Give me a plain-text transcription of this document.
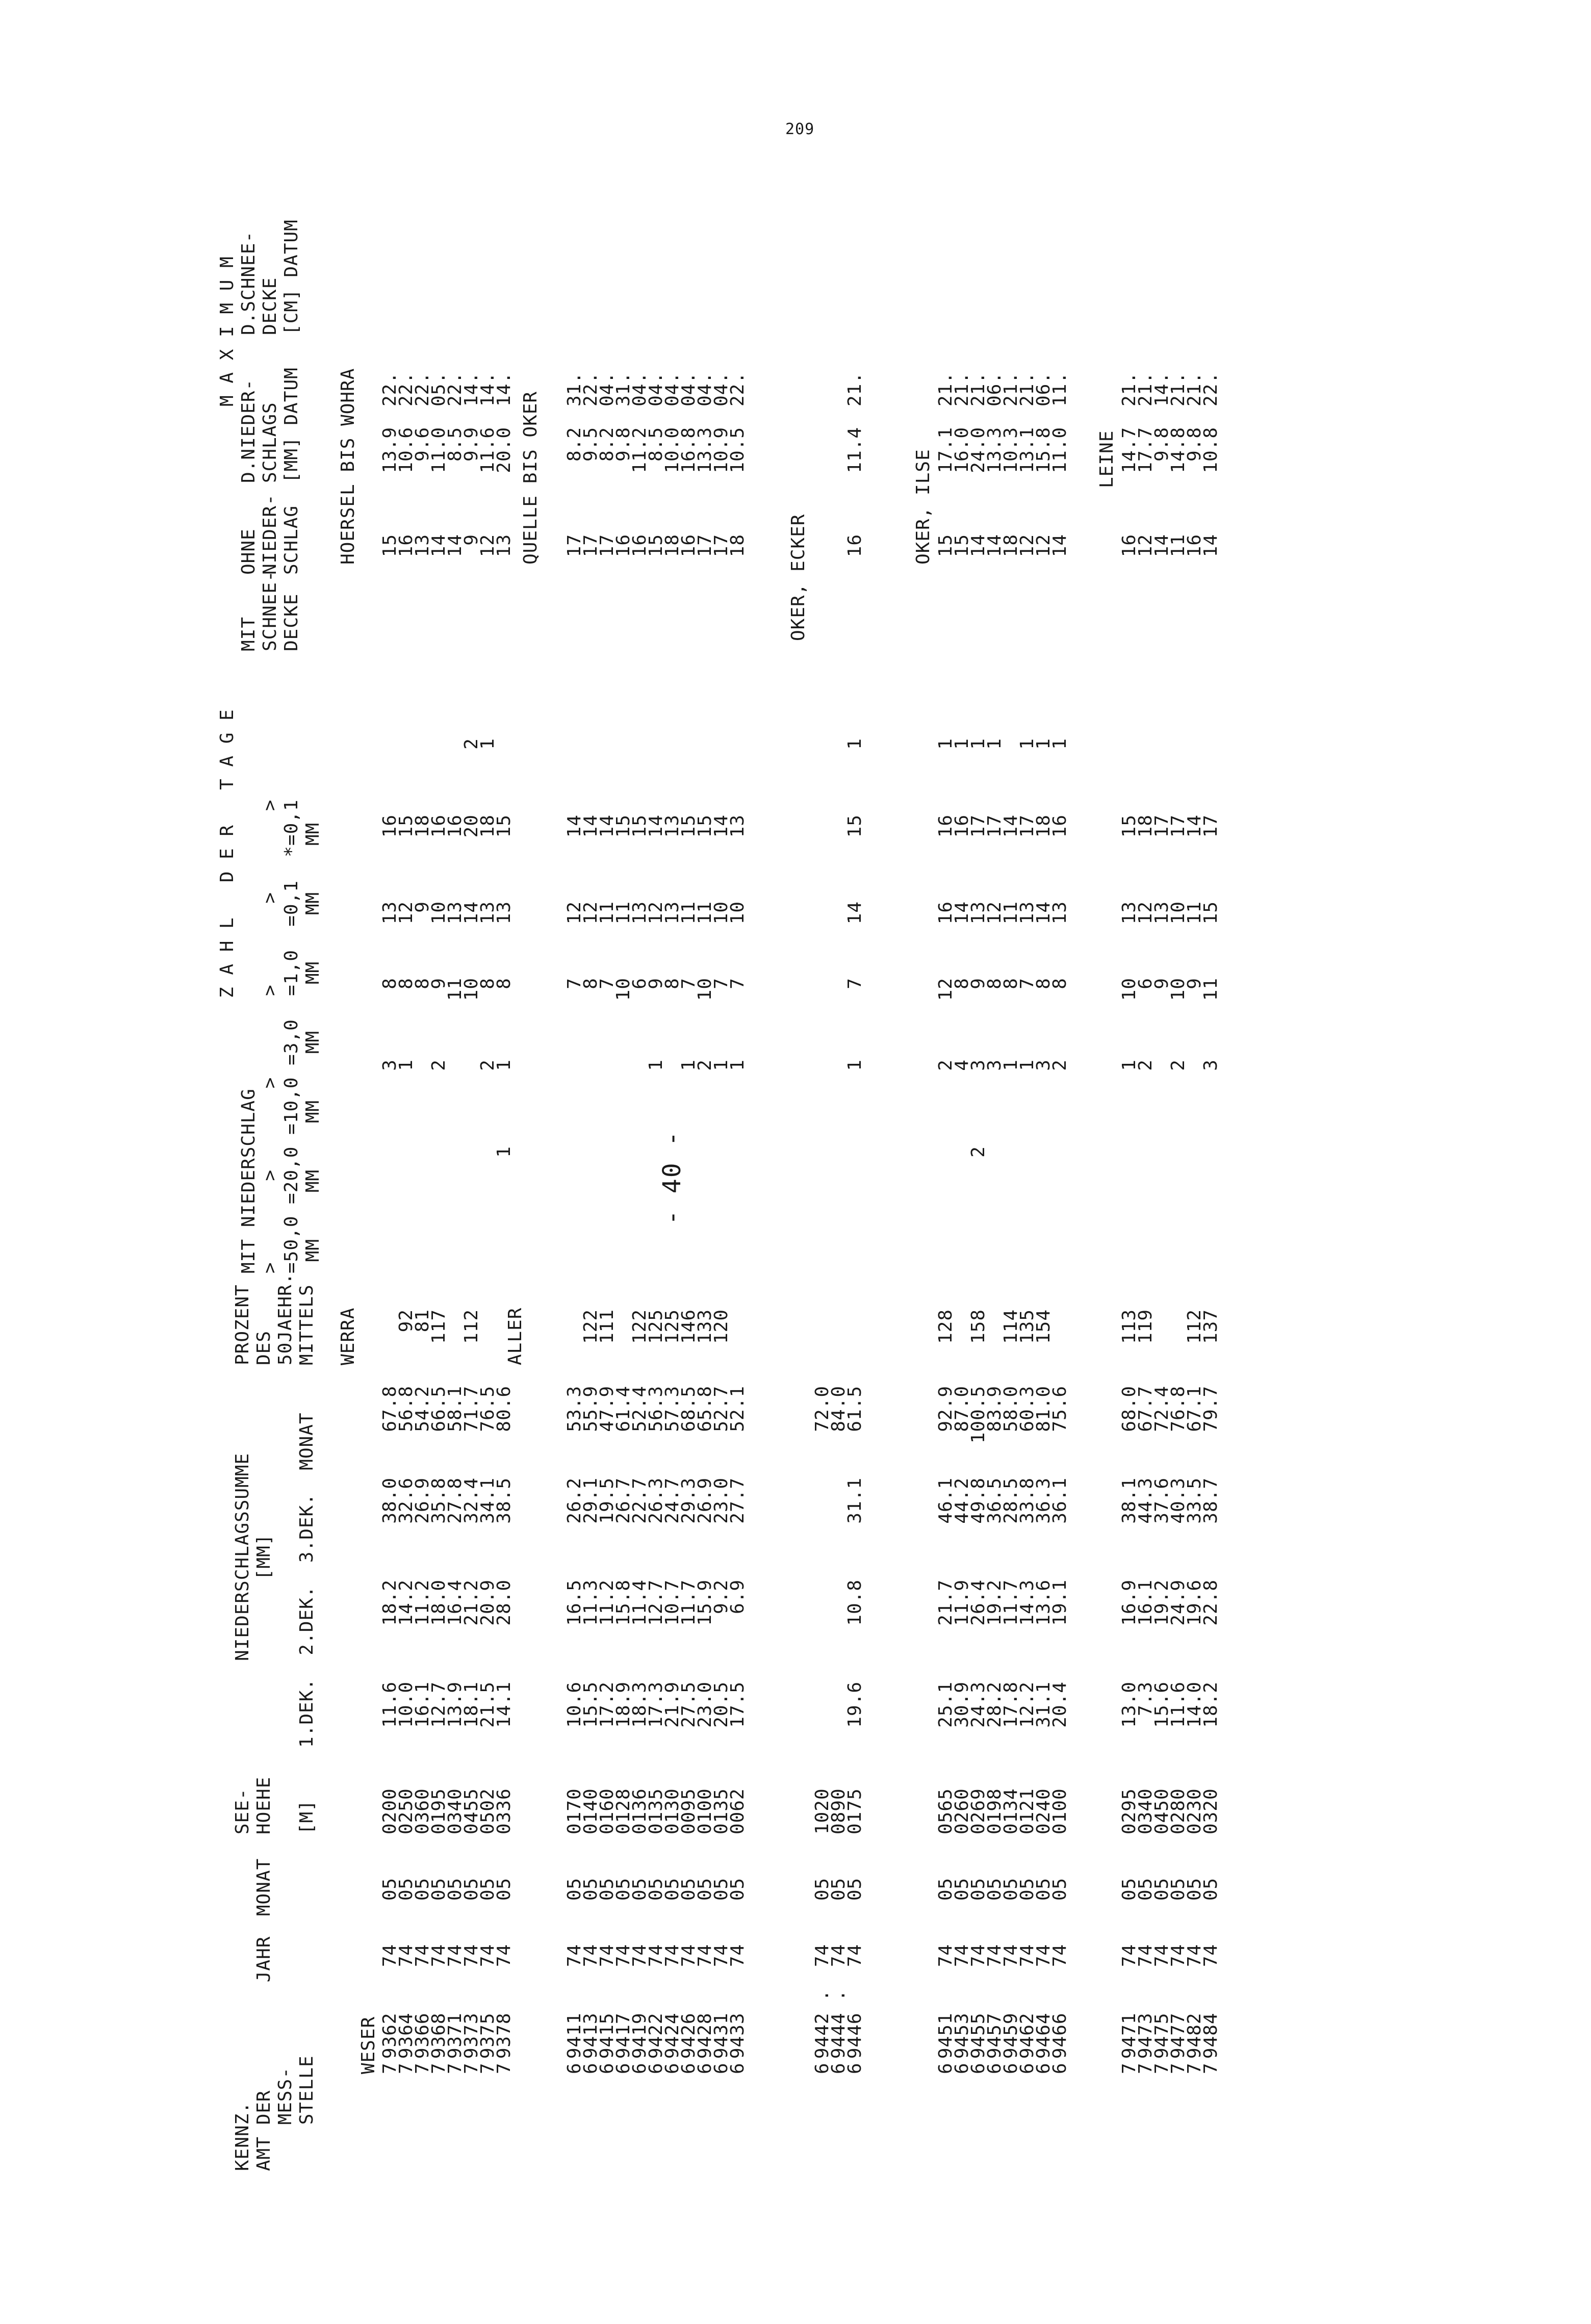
209
- 40 -
KENNZ.
AMT DER
MESS-
STELLE
JAHR
MONAT
SEE-
HOEHE

[M]
NIEDERSCHLAGSSUMME
[MM] 1.DEK.  2.DEK.  3.DEK.  MONAT
PROZENT
DES
50JAEHR.
MITTELS
Z A H L   D E R   T A G E
MIT NIEDERSCHLAG >       >       >       >       >       >
=50,0 =20,0 =10,0 =3,0  =1,0  =0,1  *=0,1
MM    MM    MM    MM    MM    MM    MM
MIT
SCHNEE-
DECKE
OHNE
NIEDER-
SCHLAG
M A X I M U M
D.NIEDER-
SCHLAGS
[MM] DATUM
D.SCHNEE-
DECKE
[CM] DATUM
WESER
WERRA
HOERSEL BIS WOHRA
7
9362
74
05
0200
11.6
18.2
38.0
67.8
3
8
13
16
15
13.9
22.
7
9364
74
05
0250
10.0
14.2
32.6
56.8
92
1
8
12
15
16
10.6
22.
7
9366
74
05
0360
16.1
11.2
26.9
54.2
81
8
9
18
13
9.6
22.
7
9368
74
05
0195
12.7
18.0
35.8
66.5
117
2
9
10
16
14
11.0
05.
7
9371
74
05
0340
13.9
16.4
27.8
58.1
11
13
16
14
8.5
22.
7
9373
74
05
0455
18.1
21.2
32.4
71.7
112
10
14
20
2
9
9.9
14.
7
9375
74
05
0502
21.5
20.9
34.1
76.5
2
8
13
18
1
12
11.6
14.
7
9378
74
05
0336
14.1
28.0
38.5
80.6
1
1
8
13
15
13
20.0
14.
ALLER
QUELLE BIS OKER
6
9411
74
05
0170
10.6
16.5
26.2
53.3
7
12
14
17
8.2
31.
6
9413
74
05
0140
15.5
11.3
29.1
55.9
122
8
12
14
17
9.5
22.
6
9415
74
05
0160
17.2
11.2
19.5
47.9
111
7
11
14
17
8.2
04.
6
9417
74
05
0128
18.9
15.8
26.7
61.4
10
11
15
16
9.8
31.
6
9419
74
05
0136
18.3
11.4
22.7
52.4
122
6
13
15
16
11.2
04.
6
9422
74
05
0135
17.3
12.7
26.3
56.3
125
1
9
12
14
15
8.5
04.
6
9424
74
05
0130
21.9
10.7
24.7
57.3
125
8
13
13
18
10.0
04.
6
9426
74
05
0095
27.5
11.7
29.3
68.5
146
1
7
11
15
16
16.8
04.
6
9428
74
05
0100
23.0
15.9
26.9
65.8
133
2
10
11
15
17
13.3
04.
6
9431
74
05
0135
20.5
9.2
23.0
52.7
120
1
7
10
14
17
10.9
04.
6
9433
74
05
0062
17.5
6.9
27.7
52.1
1
7
10
13
18
10.5
22.
OKER, ECKER
6
9442 .
74
05
1020
72.0
6
9444 .
74
05
0890
84.0
6
9446
74
05
0175
19.6
10.8
31.1
61.5
1
7
14
15
1
16
11.4
21.
OKER, ILSE
6
9451
74
05
0565
25.1
21.7
46.1
92.9
128
2
12
16
16
1
15
17.1
21.
6
9453
74
05
0260
30.9
11.9
44.2
87.0
4
8
14
16
1
15
16.0
21.
6
9455
74
05
0269
24.3
26.4
49.8
100.5
158
2
3
9
13
17
1
14
24.0
21.
6
9457
74
05
0198
28.2
19.2
36.5
83.9
3
8
12
17
1
14
13.3
06.
6
9459
74
05
0134
17.8
11.7
28.5
58.0
114
1
8
11
14
18
10.3
21.
6
9462
74
05
0121
12.2
14.3
33.8
60.3
135
1
7
13
17
1
12
13.1
21.
6
9464
74
05
0240
31.1
13.6
36.3
81.0
154
3
8
14
18
1
12
15.8
06.
6
9466
74
05
0100
20.4
19.1
36.1
75.6
2
8
13
16
1
14
11.0
11.
LEINE
7
9471
74
05
0295
13.0
16.9
38.1
68.0
113
1
10
13
15
16
14.7
21.
7
9473
74
05
0340
7.3
16.1
44.3
67.7
119
2
6
12
18
12
17.7
21.
7
9475
74
05
0450
15.6
19.2
37.6
72.4
9
13
17
14
9.8
14.
7
9477
74
05
0280
11.6
24.9
40.3
76.8
2
10
10
17
11
14.8
21.
7
9482
74
05
0230
14.0
19.6
33.5
67.1
112
9
11
14
16
9.8
21.
7
9484
74
05
0320
18.2
22.8
38.7
79.7
137
3
11
15
17
14
10.8
22.
